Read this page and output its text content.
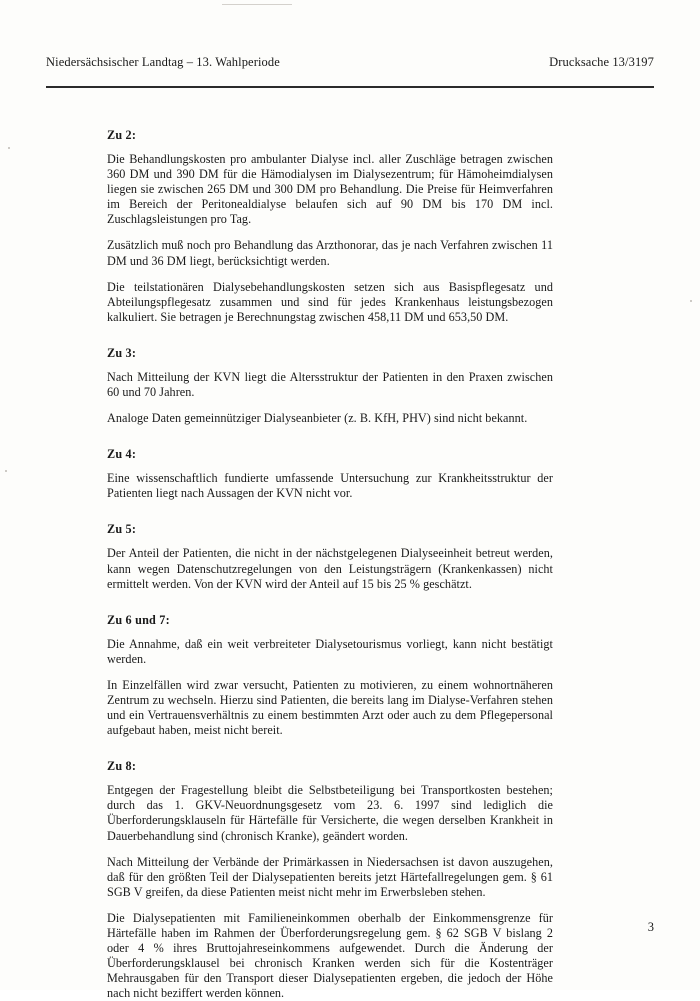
Niedersächsischer Landtag – 13. Wahlperiode	Drucksache 13/3197
Zu 2:

Die Behandlungskosten pro ambulanter Dialyse incl. aller Zuschläge betragen zwischen 360 DM und 390 DM für die Hämodialysen im Dialysezentrum; für Hämoheimdialysen liegen sie zwischen 265 DM und 300 DM pro Behandlung. Die Preise für Heimverfahren im Bereich der Peritonealdialyse belaufen sich auf 90 DM bis 170 DM incl. Zuschlagsleistungen pro Tag.

Zusätzlich muß noch pro Behandlung das Arzthonorar, das je nach Verfahren zwischen 11 DM und 36 DM liegt, berücksichtigt werden.

Die teilstationären Dialysebehandlungskosten setzen sich aus Basispflegesatz und Abteilungspflegesatz zusammen und sind für jedes Krankenhaus leistungsbezogen kalkuliert. Sie betragen je Berechnungstag zwischen 458,11 DM und 653,50 DM.

Zu 3:

Nach Mitteilung der KVN liegt die Altersstruktur der Patienten in den Praxen zwischen 60 und 70 Jahren.

Analoge Daten gemeinnütziger Dialyseanbieter (z. B. KfH, PHV) sind nicht bekannt.

Zu 4:

Eine wissenschaftlich fundierte umfassende Untersuchung zur Krankheitsstruktur der Patienten liegt nach Aussagen der KVN nicht vor.

Zu 5:

Der Anteil der Patienten, die nicht in der nächstgelegenen Dialyseeinheit betreut werden, kann wegen Datenschutzregelungen von den Leistungsträgern (Krankenkassen) nicht ermittelt werden. Von der KVN wird der Anteil auf 15 bis 25 % geschätzt.

Zu 6 und 7:

Die Annahme, daß ein weit verbreiteter Dialysetourismus vorliegt, kann nicht bestätigt werden.

In Einzelfällen wird zwar versucht, Patienten zu motivieren, zu einem wohnortnäheren Zentrum zu wechseln. Hierzu sind Patienten, die bereits lang im Dialyse-Verfahren stehen und ein Vertrauensverhältnis zu einem bestimmten Arzt oder auch zu dem Pflegepersonal aufgebaut haben, meist nicht bereit.

Zu 8:

Entgegen der Fragestellung bleibt die Selbstbeteiligung bei Transportkosten bestehen; durch das 1. GKV-Neuordnungsgesetz vom 23. 6. 1997 sind lediglich die Überforderungsklauseln für Härtefälle für Versicherte, die wegen derselben Krankheit in Dauerbehandlung sind (chronisch Kranke), geändert worden.

Nach Mitteilung der Verbände der Primärkassen in Niedersachsen ist davon auszugehen, daß für den größten Teil der Dialysepatienten bereits jetzt Härtefallregelungen gem. § 61 SGB V greifen, da diese Patienten meist nicht mehr im Erwerbsleben stehen.

Die Dialysepatienten mit Familieneinkommen oberhalb der Einkommensgrenze für Härtefälle haben im Rahmen der Überforderungsregelung gem. § 62 SGB V bislang 2 oder 4 % ihres Bruttojahreseinkommens aufgewendet. Durch die Änderung der Überforderungsklausel bei chronisch Kranken werden sich für die Kostenträger Mehrausgaben für den Transport dieser Dialysepatienten ergeben, die jedoch der Höhe nach nicht beziffert werden können.

3
